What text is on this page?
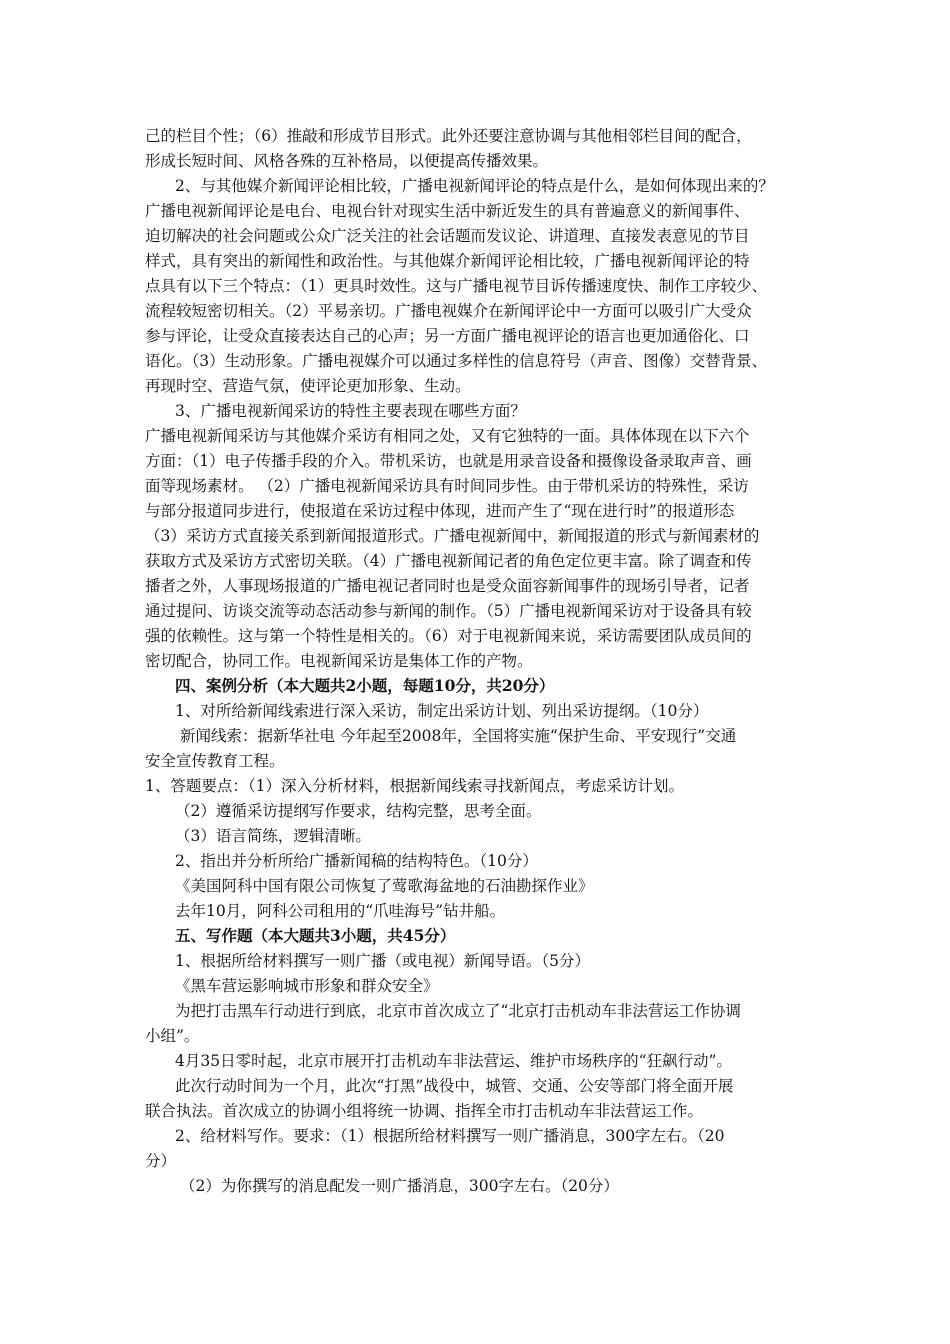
己的栏目个性；（6）推敲和形成节目形式。此外还要注意协调与其他相邻栏目间的配合，
形成长短时间、风格各殊的互补格局，以便提高传播效果。
2、与其他媒介新闻评论相比较，广播电视新闻评论的特点是什么，是如何体现出来的？
广播电视新闻评论是电台、电视台针对现实生活中新近发生的具有普遍意义的新闻事件、
迫切解决的社会问题或公众广泛关注的社会话题而发议论、讲道理、直接发表意见的节目
样式，具有突出的新闻性和政治性。与其他媒介新闻评论相比较，广播电视新闻评论的特
点具有以下三个特点：（1）更具时效性。这与广播电视节目诉传播速度快、制作工序较少、
流程较短密切相关。（2）平易亲切。广播电视媒介在新闻评论中一方面可以吸引广大受众
参与评论，让受众直接表达自己的心声；另一方面广播电视评论的语言也更加通俗化、口
语化。（3）生动形象。广播电视媒介可以通过多样性的信息符号（声音、图像）交替背景、
再现时空、营造气氛，使评论更加形象、生动。
3、广播电视新闻采访的特性主要表现在哪些方面？
广播电视新闻采访与其他媒介采访有相同之处，又有它独特的一面。具体体现在以下六个
方面：（1）电子传播手段的介入。带机采访，也就是用录音设备和摄像设备录取声音、画
面等现场素材。 （2）广播电视新闻采访具有时间同步性。由于带机采访的特殊性，采访
与部分报道同步进行，使报道在采访过程中体现，进而产生了“现在进行时”的报道形态
（3）采访方式直接关系到新闻报道形式。广播电视新闻中，新闻报道的形式与新闻素材的
获取方式及采访方式密切关联。（4）广播电视新闻记者的角色定位更丰富。除了调查和传
播者之外，人事现场报道的广播电视记者同时也是受众面容新闻事件的现场引导者，记者
通过提问、访谈交流等动态活动参与新闻的制作。（5）广播电视新闻采访对于设备具有较
强的依赖性。这与第一个特性是相关的。（6）对于电视新闻来说，采访需要团队成员间的
密切配合，协同工作。电视新闻采访是集体工作的产物。
四、案例分析（本大题共2小题，每题10分，共20分）
1、对所给新闻线索进行深入采访，制定出采访计划、列出采访提纲。（10分）
新闻线索：据新华社电 今年起至2008年，全国将实施“保护生命、平安现行”交通
安全宣传教育工程。
1、答题要点：（1）深入分析材料，根据新闻线索寻找新闻点，考虑采访计划。
（2）遵循采访提纲写作要求，结构完整，思考全面。
（3）语言简练，逻辑清晰。
2、指出并分析所给广播新闻稿的结构特色。（10分）
《美国阿科中国有限公司恢复了莺歌海盆地的石油勘探作业》
去年10月，阿科公司租用的“爪哇海号”钻井船。
五、写作题（本大题共3小题，共45分）
1、根据所给材料撰写一则广播（或电视）新闻导语。（5分）
《黑车营运影响城市形象和群众安全》
为把打击黑车行动进行到底，北京市首次成立了“北京打击机动车非法营运工作协调
小组”。
4月35日零时起，北京市展开打击机动车非法营运、维护市场秩序的“狂飙行动”。
此次行动时间为一个月，此次“打黑”战役中，城管、交通、公安等部门将全面开展
联合执法。首次成立的协调小组将统一协调、指挥全市打击机动车非法营运工作。
2、给材料写作。要求：（1）根据所给材料撰写一则广播消息，300字左右。（20
分）
（2）为你撰写的消息配发一则广播消息，300字左右。（20分）
